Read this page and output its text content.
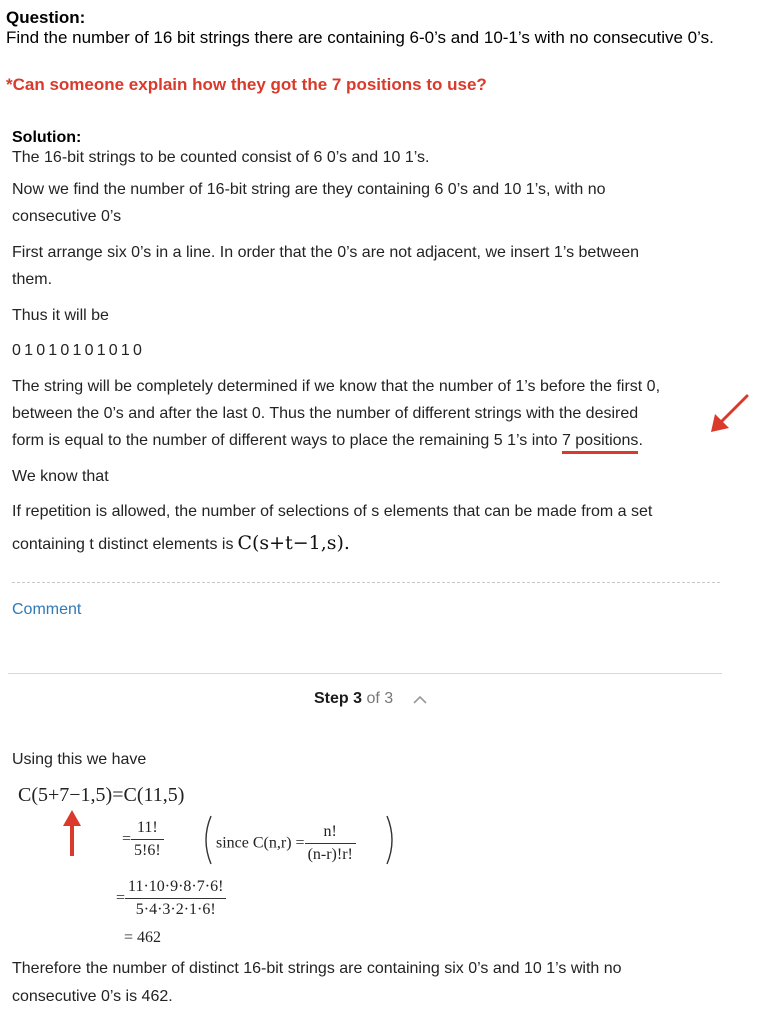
Question:
Find the number of 16 bit strings there are containing 6-0’s and 10-1’s with no consecutive 0’s.
*Can someone explain how they got the 7 positions to use?
Solution:
The 16-bit strings to be counted consist of 6 0’s and 10 1’s.
Now we find the number of 16-bit string are they containing 6 0’s and 10 1’s, with no
consecutive 0’s
First arrange six 0’s in a line. In order that the 0’s are not adjacent, we insert 1’s between
them.
Thus it will be
01010101010
The string will be completely determined if we know that the number of 1’s before the first 0,
between the 0’s and after the last 0. Thus the number of different strings with the desired
form is equal to the number of different ways to place the remaining 5 1’s into 7 positions.
We know that
If repetition is allowed, the number of selections of s elements that can be made from a set
containing t distinct elements is C(s+t−1,s).
Comment
Step 3 of 3
Using this we have
C(5+7−1,5)=C(11,5)
= $\frac{11!}{5!6!}$	since $C(n,r) = \frac{n!}{(n-r)!r!}$
= $\frac{11\cdot 10\cdot 9\cdot 8\cdot 7\cdot 6!}{5\cdot 4\cdot 3\cdot 2\cdot 1\cdot 6!}$
= 462
Therefore the number of distinct 16-bit strings are containing six 0’s and 10 1’s with no
consecutive 0’s is 462.
